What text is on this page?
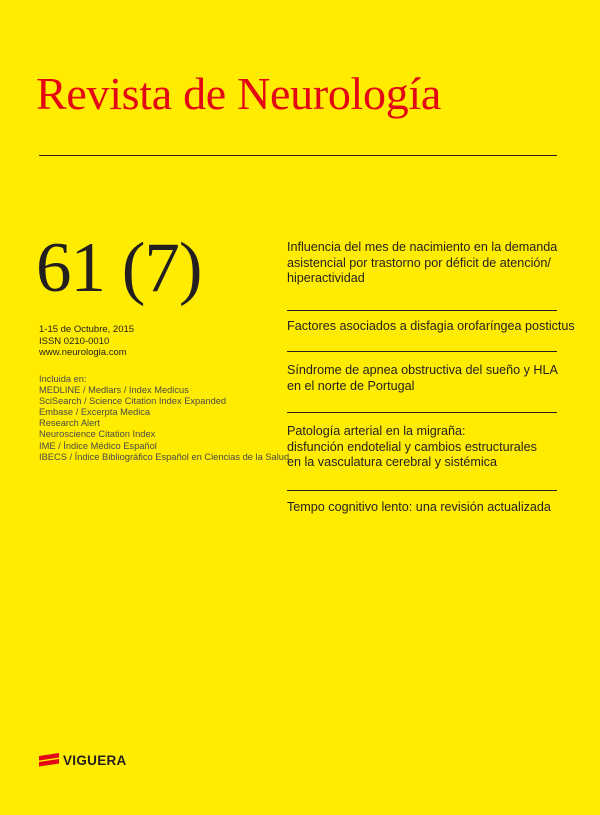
Revista de Neurología
61 (7)
1-15 de Octubre, 2015
ISSN 0210-0010
www.neurologia.com
Incluida en:
MEDLINE / Medlars / Index Medicus
SciSearch / Science Citation Index Expanded
Embase / Excerpta Medica
Research Alert
Neuroscience Citation Index
IME / Índice Médico Español
IBECS / Índice Bibliográfico Español en Ciencias de la Salud
Influencia del mes de nacimiento en la demanda
asistencial por trastorno por déficit de atención/
hiperactividad
Factores asociados a disfagia orofaríngea postictus
Síndrome de apnea obstructiva del sueño y HLA
en el norte de Portugal
Patología arterial en la migraña:
disfunción endotelial y cambios estructurales
en la vasculatura cerebral y sistémica
Tempo cognitivo lento: una revisión actualizada
VIGUERA
